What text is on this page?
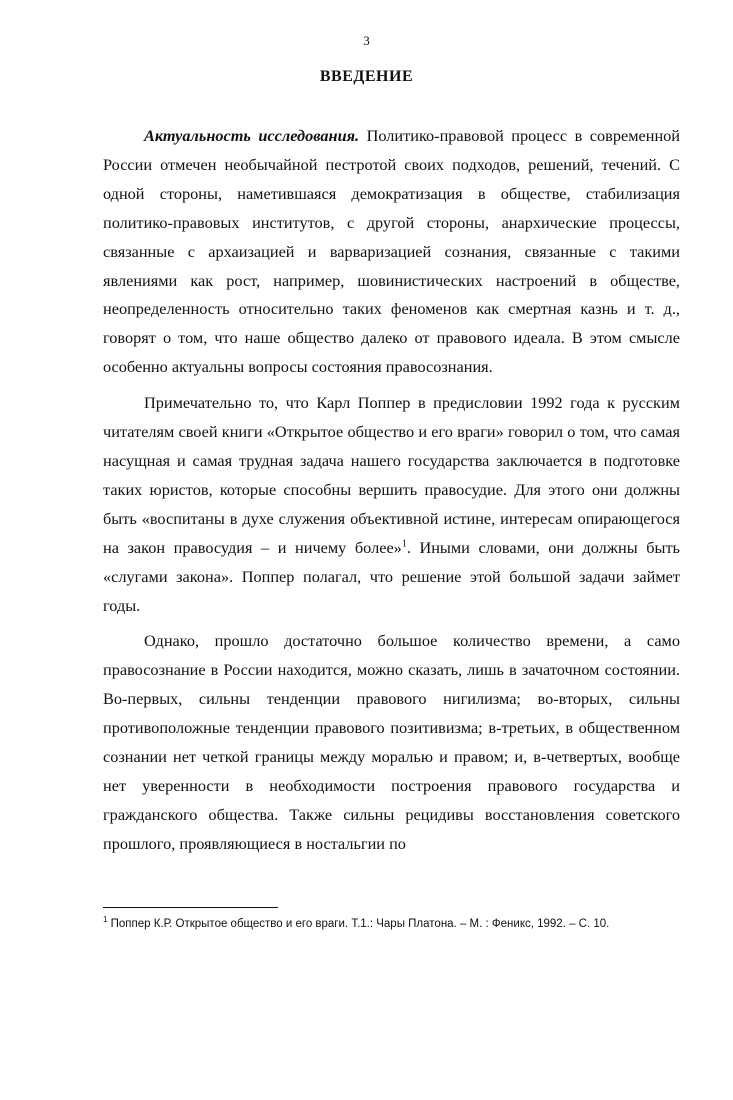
3
ВВЕДЕНИЕ

Актуальность исследования. Политико-правовой процесс в современной России отмечен необычайной пестротой своих подходов, решений, течений. С одной стороны, наметившаяся демократизация в обществе, стабилизация политико-правовых институтов, с другой стороны, анархические процессы, связанные с архаизацией и варваризацией сознания, связанные с такими явлениями как рост, например, шовинистических настроений в обществе, неопределенность относительно таких феноменов как смертная казнь и т. д., говорят о том, что наше общество далеко от правового идеала. В этом смысле особенно актуальны вопросы состояния правосознания.

Примечательно то, что Карл Поппер в предисловии 1992 года к русским читателям своей книги «Открытое общество и его враги» говорил о том, что самая насущная и самая трудная задача нашего государства заключается в подготовке таких юристов, которые способны вершить правосудие. Для этого они должны быть «воспитаны в духе служения объективной истине, интересам опирающегося на закон правосудия – и ничему более»$^1$. Иными словами, они должны быть «слугами закона». Поппер полагал, что решение этой большой задачи займет годы.

Однако, прошло достаточно большое количество времени, а само правосознание в России находится, можно сказать, лишь в зачаточном состоянии. Во-первых, сильны тенденции правового нигилизма; во-вторых, сильны противоположные тенденции правового позитивизма; в-третьих, в общественном сознании нет четкой границы между моралью и правом; и, в-четвертых, вообще нет уверенности в необходимости построения правового государства и гражданского общества. Также сильны рецидивы восстановления советского прошлого, проявляющиеся в ностальгии по

$^1$ Поппер К.Р. Открытое общество и его враги. Т.1.: Чары Платона. – М. : Феникс, 1992. – С. 10.
